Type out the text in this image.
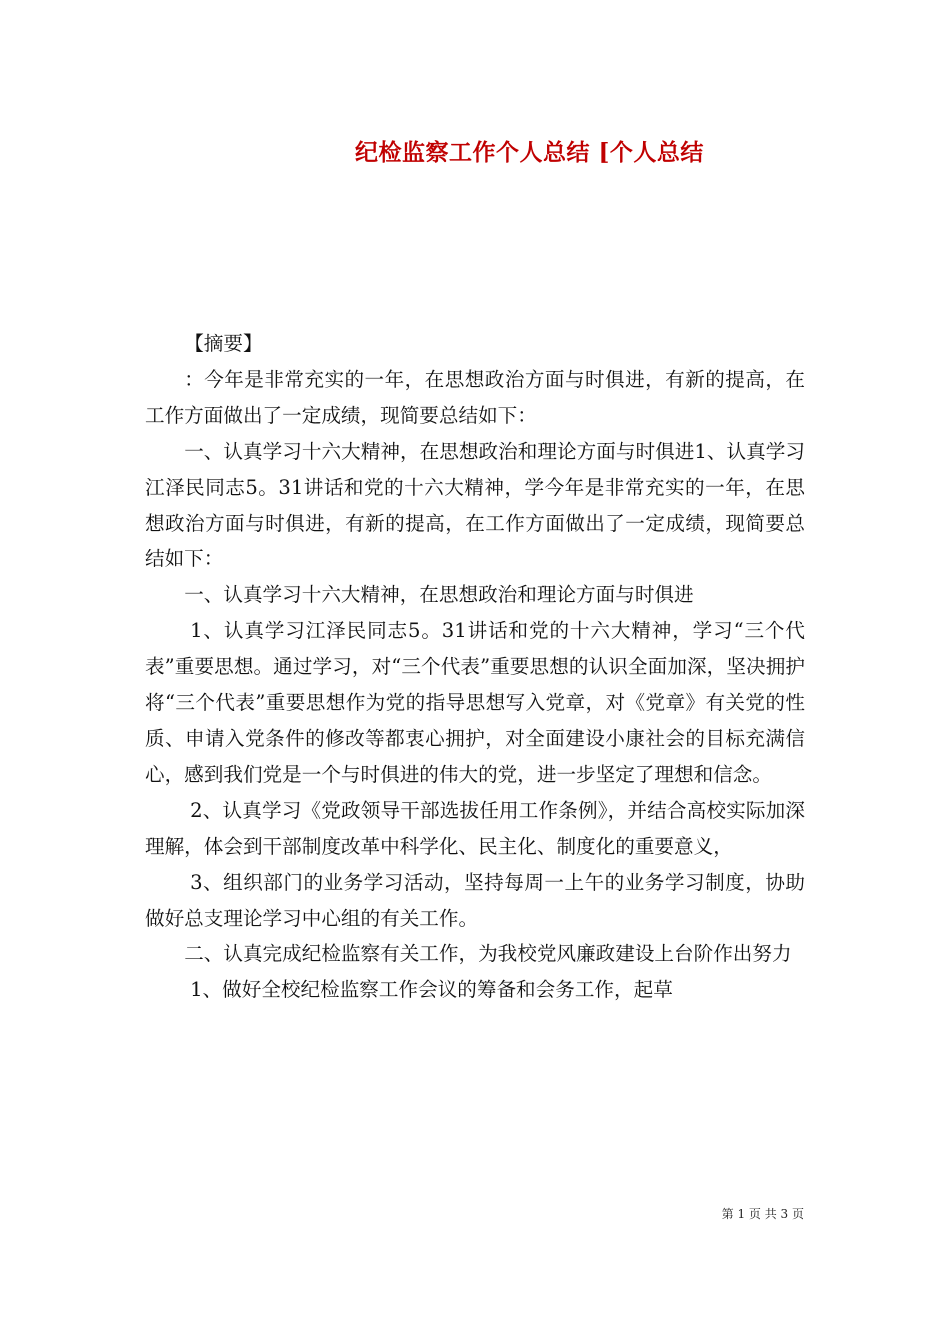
纪检监察工作个人总结 [个人总结

【摘要】

：今年是非常充实的一年，在思想政治方面与时俱进，有新的提高，在工作方面做出了一定成绩，现简要总结如下：

一、认真学习十六大精神，在思想政治和理论方面与时俱进1、认真学习江泽民同志5。31讲话和党的十六大精神，学今年是非常充实的一年，在思想政治方面与时俱进，有新的提高，在工作方面做出了一定成绩，现简要总结如下：

一、认真学习十六大精神，在思想政治和理论方面与时俱进

1、认真学习江泽民同志5。31讲话和党的十六大精神，学习“三个代表”重要思想。通过学习，对“三个代表”重要思想的认识全面加深，坚决拥护将“三个代表”重要思想作为党的指导思想写入党章，对《党章》有关党的性质、申请入党条件的修改等都衷心拥护，对全面建设小康社会的目标充满信心，感到我们党是一个与时俱进的伟大的党，进一步坚定了理想和信念。

2、认真学习《党政领导干部选拔任用工作条例》，并结合高校实际加深理解，体会到干部制度改革中科学化、民主化、制度化的重要意义，

3、组织部门的业务学习活动，坚持每周一上午的业务学习制度，协助做好总支理论学习中心组的有关工作。

二、认真完成纪检监察有关工作，为我校党风廉政建设上台阶作出努力

1、做好全校纪检监察工作会议的筹备和会务工作，起草

第 1 页 共 3 页
